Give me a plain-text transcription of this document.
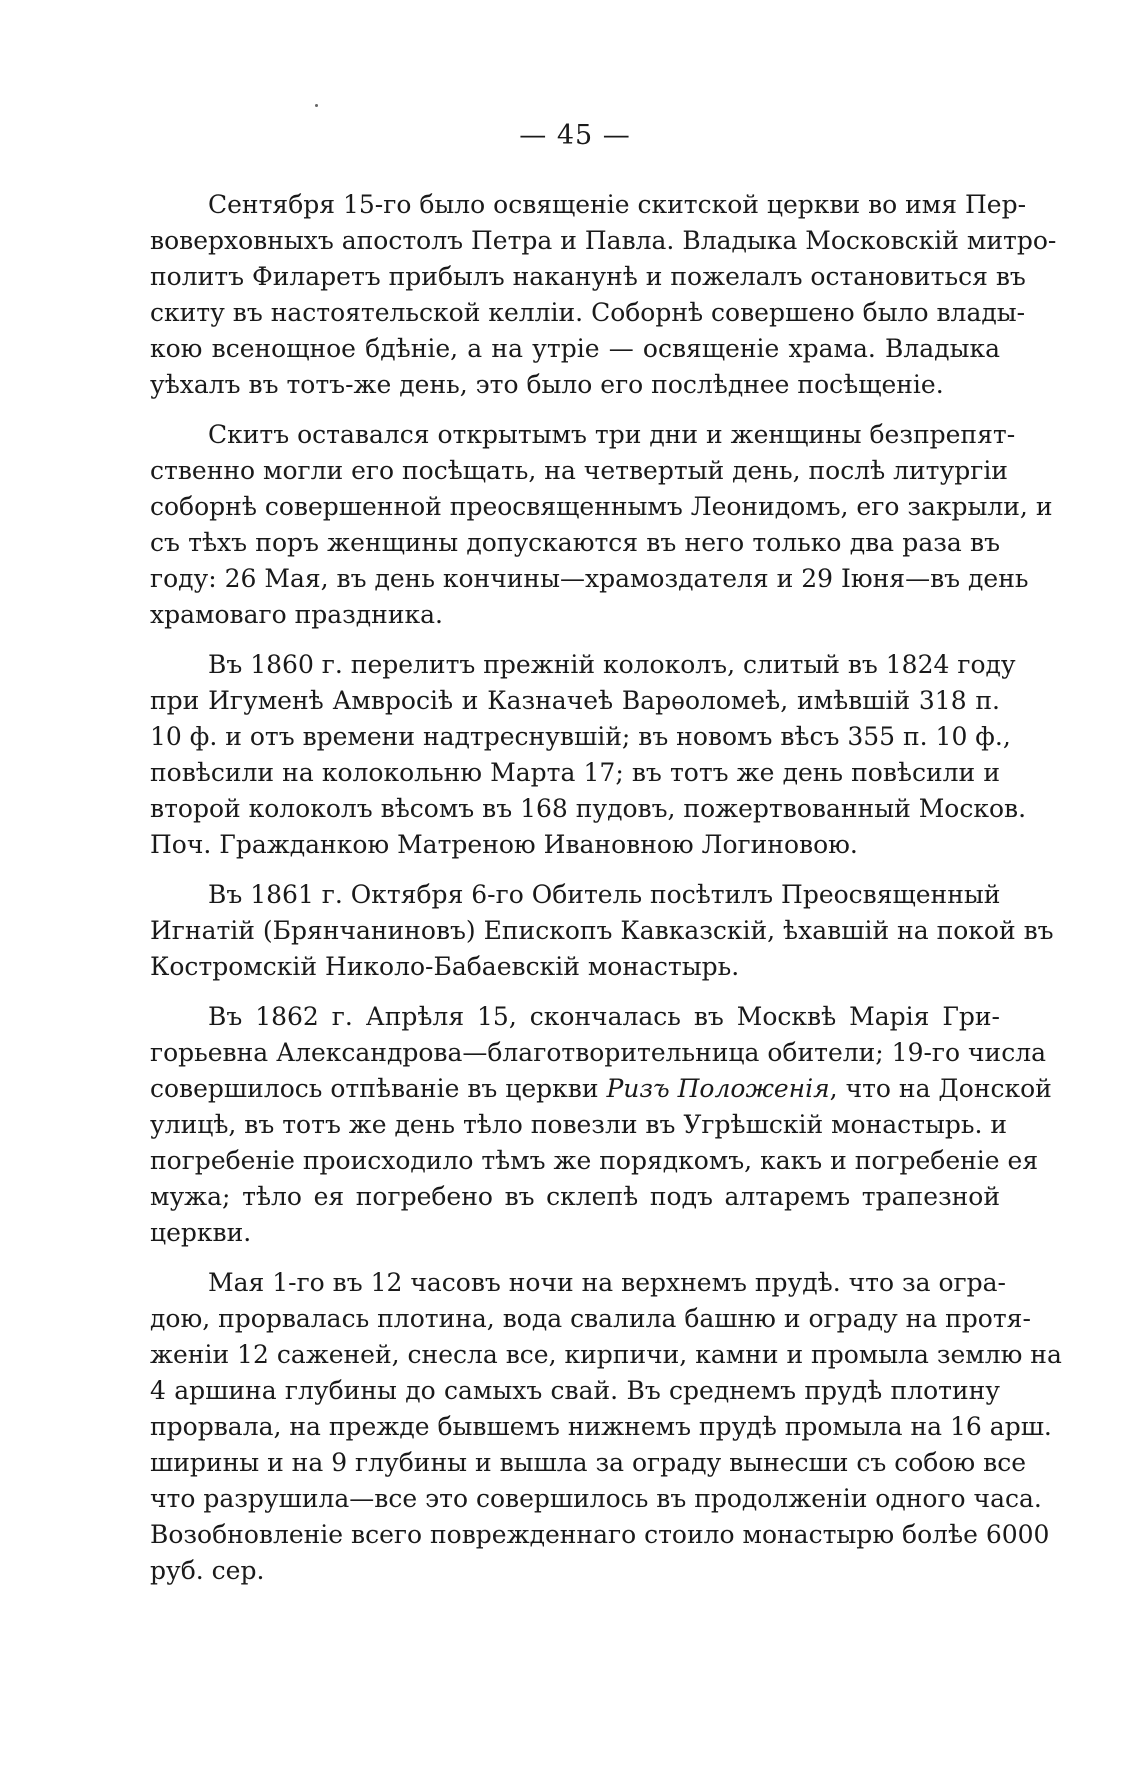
— 45 —
Сентября 15-го было освященіе скитской церкви во имя Пер-
воверховныхъ апостолъ Петра и Павла. Владыка Московскій митро-
политъ Филаретъ прибылъ наканунѣ и пожелалъ остановиться въ
скиту въ настоятельской келліи. Соборнѣ совершено было влады-
кою всенощное бдѣніе, а на утріе — освященіе храма. Владыка
уѣхалъ въ тотъ-же день, это было его послѣднее посѣщеніе.
Скитъ оставался открытымъ три дни и женщины безпрепят-
ственно могли его посѣщать, на четвертый день, послѣ литургіи
соборнѣ совершенной преосвященнымъ Леонидомъ, его закрыли, и
съ тѣхъ поръ женщины допускаются въ него только два раза въ
году: 26 Мая, въ день кончины—храмоздателя и 29 Іюня—въ день
храмоваго праздника.
Въ 1860 г. перелитъ прежній колоколъ, слитый въ 1824 году
при Игуменѣ Амвросіѣ и Казначеѣ Варѳоломеѣ, имѣвшій 318 п.
10 ф. и отъ времени надтреснувшій; въ новомъ вѣсъ 355 п. 10 ф.,
повѣсили на колокольню Марта 17; въ тотъ же день повѣсили и
второй колоколъ вѣсомъ въ 168 пудовъ, пожертвованный Москов.
Поч. Гражданкою Матреною Ивановною Логиновою.
Въ 1861 г. Октября 6-го Обитель посѣтилъ Преосвященный
Игнатій (Брянчаниновъ) Епископъ Кавказскій, ѣхавшій на покой въ
Костромскій Николо-Бабаевскій монастырь.
Въ 1862 г. Апрѣля 15, скончалась въ Москвѣ Марія Гри-
горьевна Александрова—благотворительница обители; 19-го числа
совершилось отпѣваніе въ церкви Ризъ Положенія, что на Донской
улицѣ, въ тотъ же день тѣло повезли въ Угрѣшскій монастырь. и
погребеніе происходило тѣмъ же порядкомъ, какъ и погребеніе ея
мужа; тѣло ея погребено въ склепѣ подъ алтаремъ трапезной
церкви.
Мая 1-го въ 12 часовъ ночи на верхнемъ прудѣ. что за огра-
дою, прорвалась плотина, вода свалила башню и ограду на протя-
женіи 12 саженей, снесла все, кирпичи, камни и промыла землю на
4 аршина глубины до самыхъ свай. Въ среднемъ прудѣ плотину
прорвала, на прежде бывшемъ нижнемъ прудѣ промыла на 16 арш.
ширины и на 9 глубины и вышла за ограду вынесши съ собою все
что разрушила—все это совершилось въ продолженіи одного часа.
Возобновленіе всего поврежденнаго стоило монастырю болѣе 6000
руб. сер.
